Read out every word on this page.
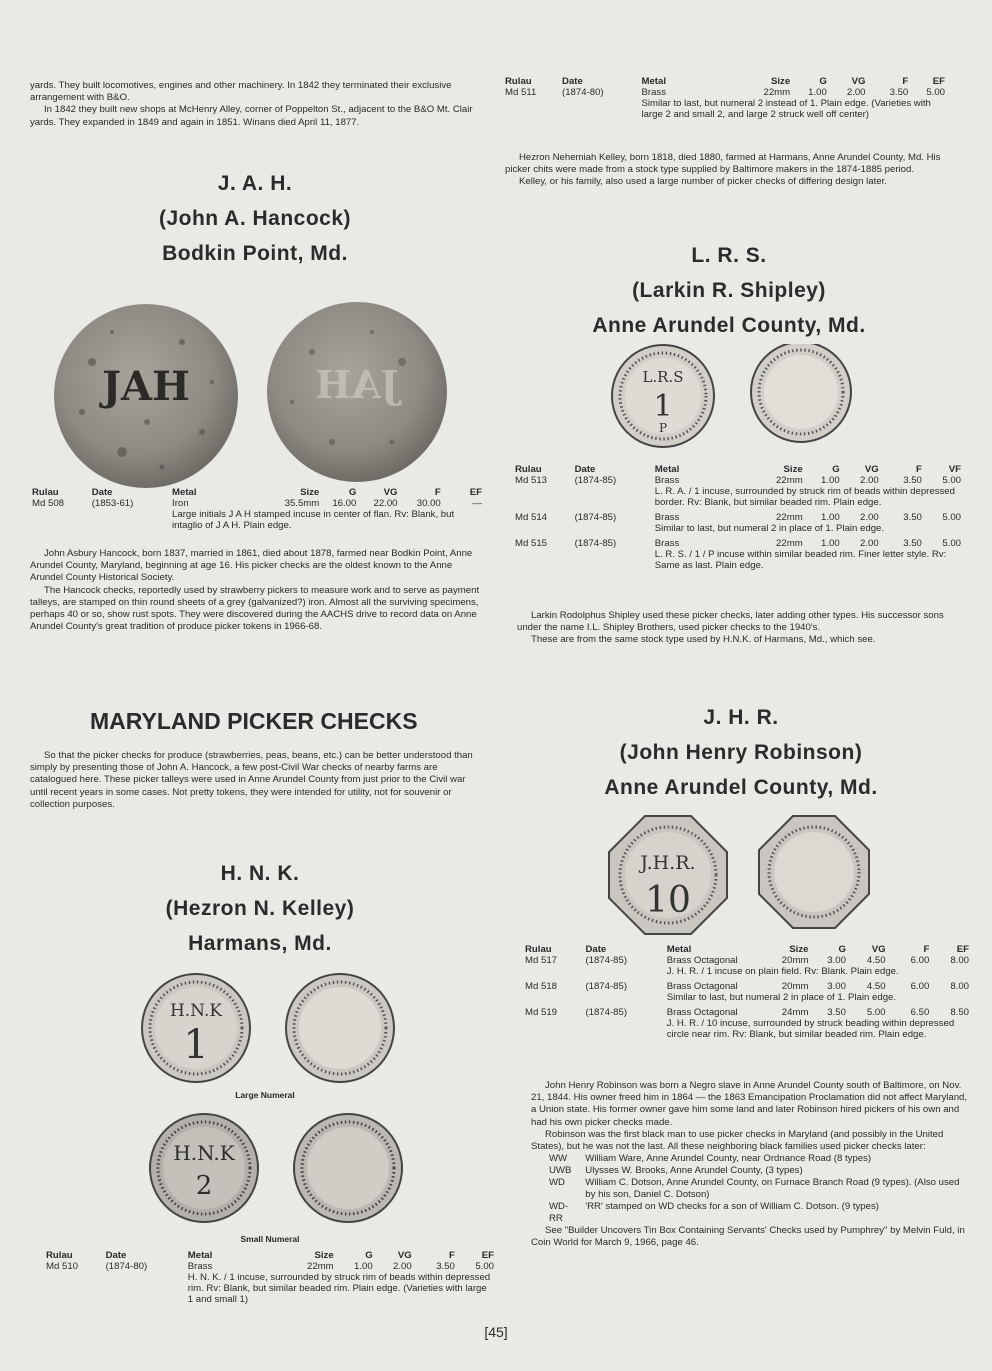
yards. They built locomotives, engines and other machinery. In 1842 they terminated their exclusive arrangement with B&O.

In 1842 they built new shops at McHenry Alley, corner of Poppelton St., adjacent to the B&O Mt. Clair yards. They expanded in 1849 and again in 1851. Winans died April 11, 1877.

J. A. H.

(John A. Hancock)

Bodkin Point, Md.

JAH	JAH
Rulau	Date	Metal	Size	G	VG	F	EF
Md 508	(1853-61)	Iron	35.5mm	16.00	22.00	30.00	—
		Large initials J A H stamped incuse in center of flan. Rv: Blank, but intaglio of J A H. Plain edge.					

John Asbury Hancock, born 1837, married in 1861, died about 1878, farmed near Bodkin Point, Anne Arundel County, Maryland, beginning at age 16. His picker checks are the oldest known to the Anne Arundel County Historical Society.

The Hancock checks, reportedly used by strawberry pickers to measure work and to serve as payment talleys, are stamped on thin round sheets of a grey (galvanized?) iron. Almost all the surviving specimens, perhaps 40 or so, show rust spots. They were discovered during the AACHS drive to record data on Anne Arundel County's great tradition of produce picker tokens in 1966-68.

MARYLAND PICKER CHECKS

So that the picker checks for produce (strawberries, peas, beans, etc.) can be better understood than simply by presenting those of John A. Hancock, a few post-Civil War checks of nearby farms are catalogued here. These picker talleys were used in Anne Arundel County from just prior to the Civil war until recent years in some cases. Not pretty tokens, they were intended for utility, not for souvenir or collection purposes.

H. N. K.

(Hezron N. Kelley)

Harmans, Md.

H.N.K
1
Large Numeral
H.N.K
2
Small Numeral
Rulau	Date	Metal	Size	G	VG	F	EF
Md 510	(1874-80)	Brass	22mm	1.00	2.00	3.50	5.00
		H. N. K. / 1 incuse, surrounded by struck rim of beads within depressed rim. Rv: Blank, but similar beaded rim. Plain edge. (Varieties with large 1 and small 1)					
Rulau	Date	Metal	Size	G	VG	F	EF
Md 511	(1874-80)	Brass	22mm	1.00	2.00	3.50	5.00
		Similar to last, but numeral 2 instead of 1. Plain edge. (Varieties with large 2 and small 2, and large 2 struck well off center)					

Hezron Nehemiah Kelley, born 1818, died 1880, farmed at Harmans, Anne Arundel County, Md. His picker chits were made from a stock type supplied by Baltimore makers in the 1874-1885 period.

Kelley, or his family, also used a large number of picker checks of differing design later.

L. R. S.

(Larkin R. Shipley)

Anne Arundel County, Md.

L.R.S
1
P
Rulau	Date	Metal	Size	G	VG	F	VF
Md 513	(1874-85)	Brass	22mm	1.00	2.00	3.50	5.00
		L. R. A. / 1 incuse, surrounded by struck rim of beads within depressed border. Rv: Blank, but similar beaded rim. Plain edge.					
Md 514	(1874-85)	Brass	22mm	1.00	2.00	3.50	5.00
		Similar to last, but numeral 2 in place of 1. Plain edge.					
Md 515	(1874-85)	Brass	22mm	1.00	2.00	3.50	5.00
		L. R. S. / 1 / P incuse within similar beaded rim. Finer letter style. Rv: Same as last. Plain edge.					

Larkin Rodolphus Shipley used these picker checks, later adding other types. His successor sons under the name I.L. Shipley Brothers, used picker checks to the 1940's.

These are from the same stock type used by H.N.K. of Harmans, Md., which see.

J. H. R.

(John Henry Robinson)

Anne Arundel County, Md.

J.H.R.
10
Rulau	Date	Metal	Size	G	VG	F	EF
Md 517	(1874-85)	Brass Octagonal	20mm	3.00	4.50	6.00	8.00
		J. H. R. / 1 incuse on plain field. Rv: Blank. Plain edge.					
Md 518	(1874-85)	Brass Octagonal	20mm	3.00	4.50	6.00	8.00
		Similar to last, but numeral 2 in place of 1. Plain edge.					
Md 519	(1874-85)	Brass Octagonal	24mm	3.50	5.00	6.50	8.50
		J. H. R. / 10 incuse, surrounded by struck beading within depressed circle near rim. Rv: Blank, but similar beaded rim. Plain edge.					

John Henry Robinson was born a Negro slave in Anne Arundel County south of Baltimore, on Nov. 21, 1844. His owner freed him in 1864 — the 1863 Emancipation Proclamation did not affect Maryland, a Union state. His former owner gave him some land and later Robinson hired pickers of his own and had his own picker checks made.

Robinson was the first black man to use picker checks in Maryland (and possibly in the United States), but he was not the last. All these neighboring black families used picker checks later:

WW	William Ware, Anne Arundel County, near Ordnance Road (8 types)
UWB	Ulysses W. Brooks, Anne Arundel County, (3 types)
WD	William C. Dotson, Anne Arundel County, on Furnace Branch Road (9 types). (Also used by his son, Daniel C. Dotson)
WD-RR	'RR' stamped on WD checks for a son of William C. Dotson. (9 types)

See "Builder Uncovers Tin Box Containing Servants' Checks used by Pumphrey" by Melvin Fuld, in Coin World for March 9, 1966, page 46.

[45]
